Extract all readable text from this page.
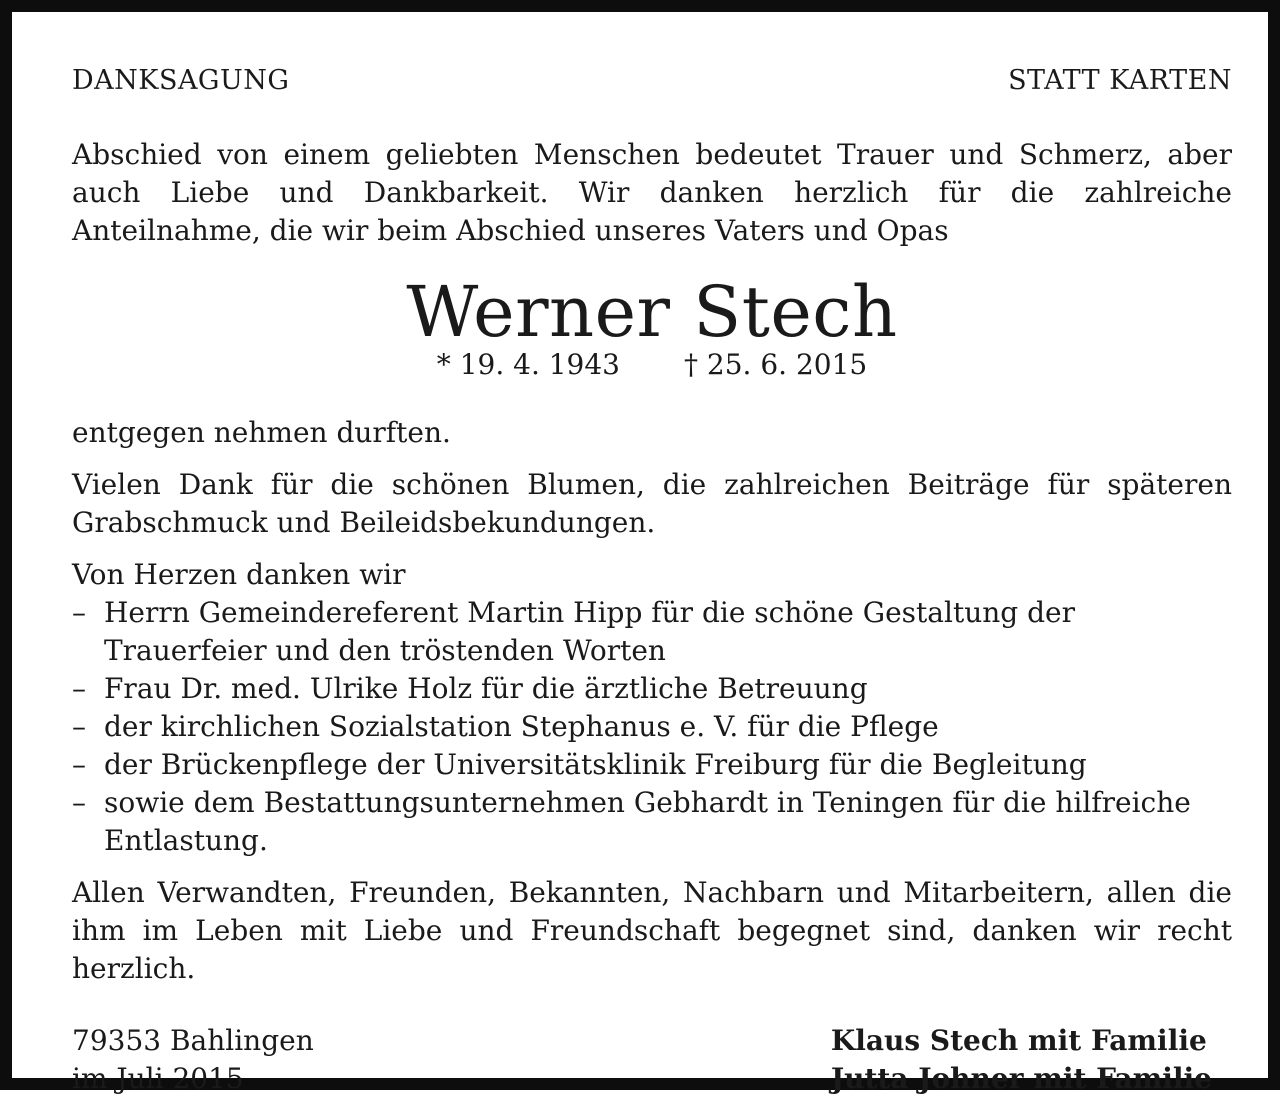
DANKSAGUNG	STATT KARTEN

Abschied von einem geliebten Menschen bedeutet Trauer und Schmerz, aber auch Liebe und Dankbarkeit. Wir danken herzlich für die zahlreiche Anteilnahme, die wir beim Abschied unseres Vaters und Opas

Werner Stech
* 19. 4. 1943 † 25. 6. 2015

entgegen nehmen durften.

Vielen Dank für die schönen Blumen, die zahlreichen Beiträge für späteren Grabschmuck und Beileidsbekundungen.

Von Herzen danken wir

– Herrn Gemeindereferent Martin Hipp für die schöne Gestaltung der Trauerfeier und den tröstenden Worten
– Frau Dr. med. Ulrike Holz für die ärztliche Betreuung
– der kirchlichen Sozialstation Stephanus e. V. für die Pflege
– der Brückenpflege der Universitätsklinik Freiburg für die Begleitung
– sowie dem Bestattungsunternehmen Gebhardt in Teningen für die hilfreiche Entlastung.

Allen Verwandten, Freunden, Bekannten, Nachbarn und Mitarbeitern, allen die ihm im Leben mit Liebe und Freundschaft begegnet sind, danken wir recht herzlich.

79353 Bahlingen
im Juli 2015
Klaus Stech mit Familie
Jutta Johner mit Familie
